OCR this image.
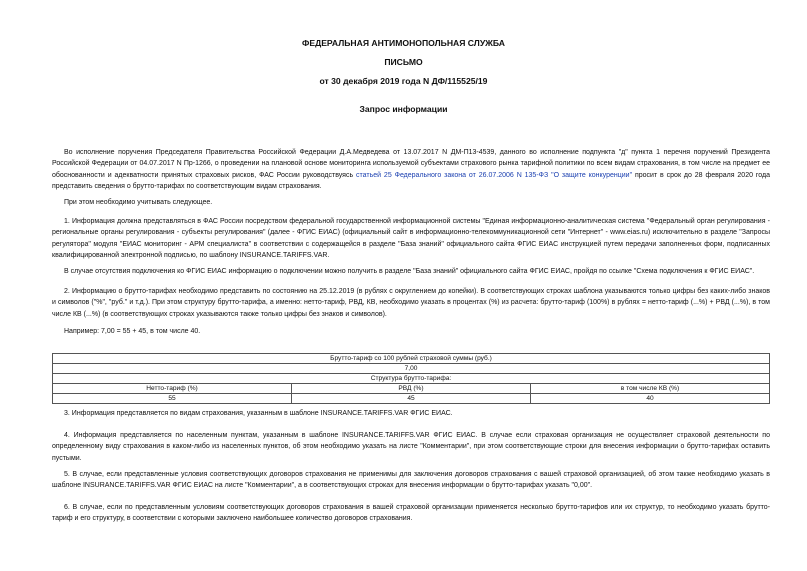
ФЕДЕРАЛЬНАЯ АНТИМОНОПОЛЬНАЯ СЛУЖБА
ПИСЬМО
от 30 декабря 2019 года N ДФ/115525/19
Запрос информации
Во исполнение поручения Председателя Правительства Российской Федерации Д.А.Медведева от 13.07.2017 N ДМ-П13-4539, данного во исполнение подпункта "д" пункта 1 перечня поручений Президента Российской Федерации от 04.07.2017 N Пр-1266, о проведении на плановой основе мониторинга используемой субъектами страхового рынка тарифной политики по всем видам страхования, в том числе на предмет ее обоснованности и адекватности принятых страховых рисков, ФАС России руководствуясь статьей 25 Федерального закона от 26.07.2006 N 135-ФЗ "О защите конкуренции" просит в срок до 28 февраля 2020 года представить сведения о брутто-тарифах по соответствующим видам страхования.
При этом необходимо учитывать следующее.
1. Информация должна представляться в ФАС России посредством федеральной государственной информационной системы "Единая информационно-аналитическая система "Федеральный орган регулирования - региональные органы регулирования - субъекты регулирования" (далее - ФГИС ЕИАС) (официальный сайт в информационно-телекоммуникационной сети "Интернет" - www.eias.ru) исключительно в разделе "Запросы регулятора" модуля "ЕИАС мониторинг - АРМ специалиста" в соответствии с содержащейся в разделе "База знаний" официального сайта ФГИС ЕИАС инструкцией путем передачи заполненных форм, подписанных квалифицированной электронной подписью, по шаблону INSURANCE.TARIFFS.VAR.
В случае отсутствия подключения ко ФГИС ЕИАС информацию о подключении можно получить в разделе "База знаний" официального сайта ФГИС ЕИАС, пройдя по ссылке "Схема подключения к ФГИС ЕИАС".
2. Информацию о брутто-тарифах необходимо представить по состоянию на 25.12.2019 (в рублях с округлением до копейки). В соответствующих строках шаблона указываются только цифры без каких-либо знаков и символов ("%", "руб." и т.д.). При этом структуру брутто-тарифа, а именно: нетто-тариф, РВД, КВ, необходимо указать в процентах (%) из расчета: брутто-тариф (100%) в рублях = нетто-тариф (...%) + РВД (...%), в том числе КВ (...%) (в соответствующих строках указываются также только цифры без знаков и символов).
Например: 7,00 = 55 + 45, в том числе 40.
Брутто-тариф со 100 рублей страховой суммы (руб.)		
7,00		
Структура брутто-тарифа:		
Нетто-тариф (%)	РВД (%)	в том числе КВ (%)
55	45	40
3. Информация представляется по видам страхования, указанным в шаблоне INSURANCE.TARIFFS.VAR ФГИС ЕИАС.
4. Информация представляется по населенным пунктам, указанным в шаблоне INSURANCE.TARIFFS.VAR ФГИС ЕИАС. В случае если страховая организация не осуществляет страховой деятельности по определенному виду страхования в каком-либо из населенных пунктов, об этом необходимо указать на листе "Комментарии", при этом соответствующие строки для внесения информации о брутто-тарифах оставить пустыми.
5. В случае, если представленные условия соответствующих договоров страхования не применимы для заключения договоров страхования с вашей страховой организацией, об этом также необходимо указать в шаблоне INSURANCE.TARIFFS.VAR ФГИС ЕИАС на листе "Комментарии", а в соответствующих строках для внесения информации о брутто-тарифах указать "0,00".
6. В случае, если по представленным условиям соответствующих договоров страхования в вашей страховой организации применяется несколько брутто-тарифов или их структур, то необходимо указать брутто-тариф и его структуру, в соответствии с которыми заключено наибольшее количество договоров страхования.
